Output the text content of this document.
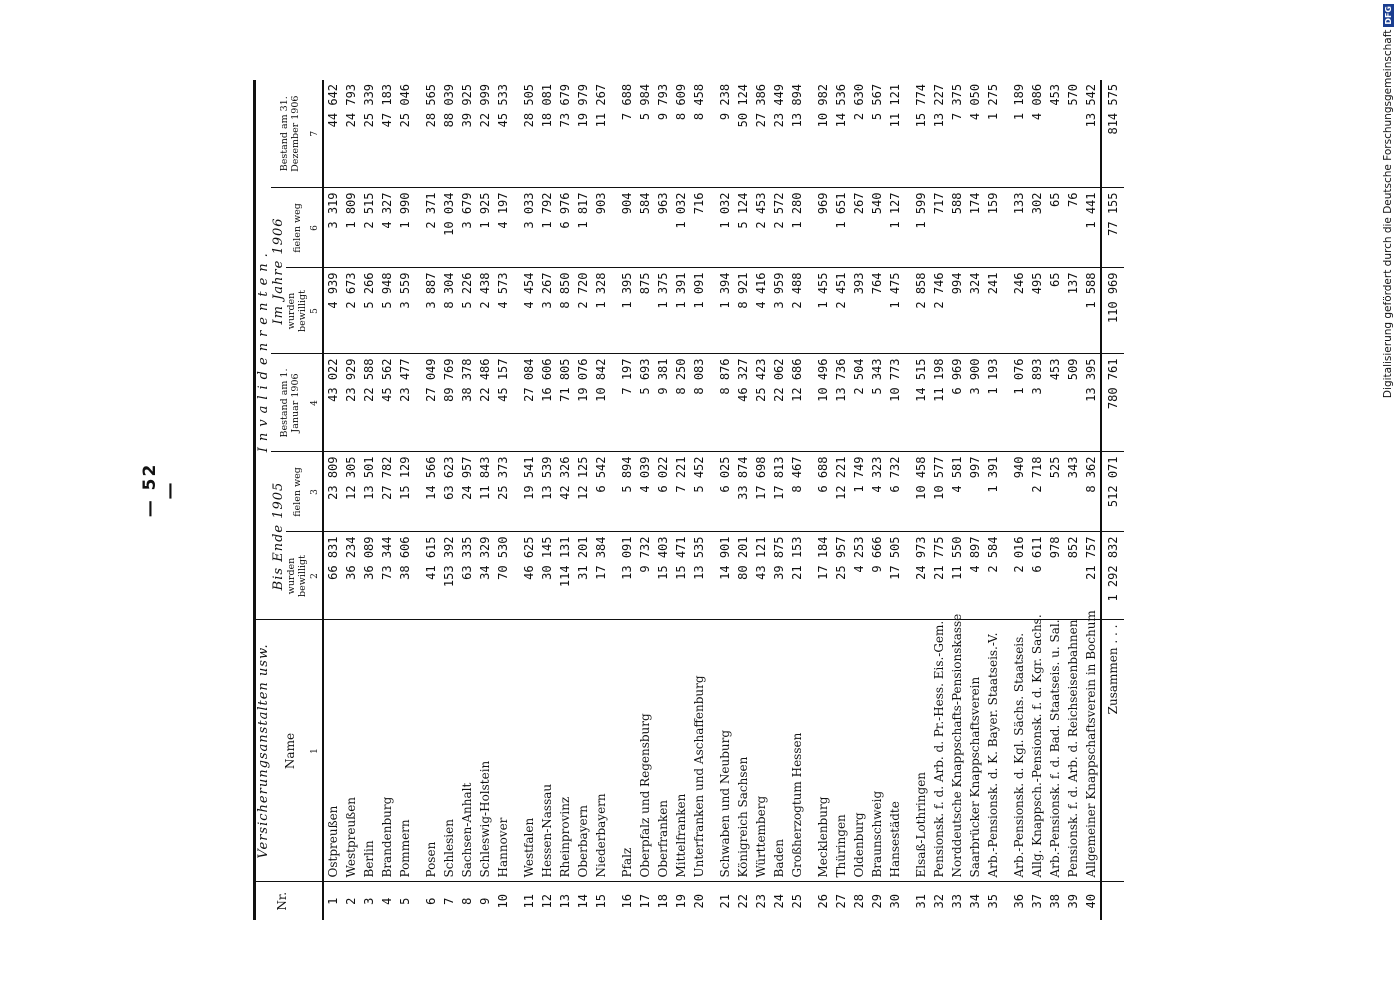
— 52 —
Digitalisierung gefördert durch die Deutsche ForschungsgemeinschaftDFG
Nr.	Versicherungsanstalten usw.	Invalidenrenten.					
	Name	Bis Ende 1905		Bestand am 1. Januar 1906	Im Jahre 1906		Bestand am 31. Dezember 1906
		wurden bewilligt	fielen weg		wurden bewilligt	fielen weg	
	1	2	3	4	5	6	7
1	Ostpreußen	66 831	23 809	43 022	4 939	3 319	44 642
2	Westpreußen	36 234	12 305	23 929	2 673	1 809	24 793
3	Berlin	36 089	13 501	22 588	5 266	2 515	25 339
4	Brandenburg	73 344	27 782	45 562	5 948	4 327	47 183
5	Pommern	38 606	15 129	23 477	3 559	1 990	25 046

6	Posen	41 615	14 566	27 049	3 887	2 371	28 565
7	Schlesien	153 392	63 623	89 769	8 304	10 034	88 039
8	Sachsen-Anhalt	63 335	24 957	38 378	5 226	3 679	39 925
9	Schleswig-Holstein	34 329	11 843	22 486	2 438	1 925	22 999
10	Hannover	70 530	25 373	45 157	4 573	4 197	45 533

11	Westfalen	46 625	19 541	27 084	4 454	3 033	28 505
12	Hessen-Nassau	30 145	13 539	16 606	3 267	1 792	18 081
13	Rheinprovinz	114 131	42 326	71 805	8 850	6 976	73 679
14	Oberbayern	31 201	12 125	19 076	2 720	1 817	19 979
15	Niederbayern	17 384	6 542	10 842	1 328	903	11 267

16	Pfalz	13 091	5 894	7 197	1 395	904	7 688
17	Oberpfalz und Regensburg	9 732	4 039	5 693	875	584	5 984
18	Oberfranken	15 403	6 022	9 381	1 375	963	9 793
19	Mittelfranken	15 471	7 221	8 250	1 391	1 032	8 609
20	Unterfranken und Aschaffenburg	13 535	5 452	8 083	1 091	716	8 458

21	Schwaben und Neuburg	14 901	6 025	8 876	1 394	1 032	9 238
22	Königreich Sachsen	80 201	33 874	46 327	8 921	5 124	50 124
23	Württemberg	43 121	17 698	25 423	4 416	2 453	27 386
24	Baden	39 875	17 813	22 062	3 959	2 572	23 449
25	Großherzogtum Hessen	21 153	8 467	12 686	2 488	1 280	13 894

26	Mecklenburg	17 184	6 688	10 496	1 455	969	10 982
27	Thüringen	25 957	12 221	13 736	2 451	1 651	14 536
28	Oldenburg	4 253	1 749	2 504	393	267	2 630
29	Braunschweig	9 666	4 323	5 343	764	540	5 567
30	Hansestädte	17 505	6 732	10 773	1 475	1 127	11 121

31	Elsaß-Lothringen	24 973	10 458	14 515	2 858	1 599	15 774
32	Pensionsk. f. d. Arb. d. Pr.-Hess. Eis.-Gem.	21 775	10 577	11 198	2 746	717	13 227
33	Norddeutsche Knappschafts-Pensionskasse	11 550	4 581	6 969	994	588	7 375
34	Saarbrücker Knappschaftsverein	4 897	997	3 900	324	174	4 050
35	Arb.-Pensionsk. d. K. Bayer. Staatseis.-V.	2 584	1 391	1 193	241	159	1 275

36	Arb.-Pensionsk. d. Kgl. Sächs. Staatseis.	2 016	940	1 076	246	133	1 189
37	Allg. Knappsch.-Pensionsk. f. d. Kgr. Sachs.	6 611	2 718	3 893	495	302	4 086
38	Arb.-Pensionsk. f. d. Bad. Staatseis. u. Sal.	978	525	453	65	65	453
39	Pensionsk. f. d. Arb. d. Reichseisenbahnen	852	343	509	137	76	570
40	Allgemeiner Knappschaftsverein in Bochum	21 757	8 362	13 395	1 588	1 441	13 542
	Zusammen . . .	1 292 832	512 071	780 761	110 969	77 155	814 575
